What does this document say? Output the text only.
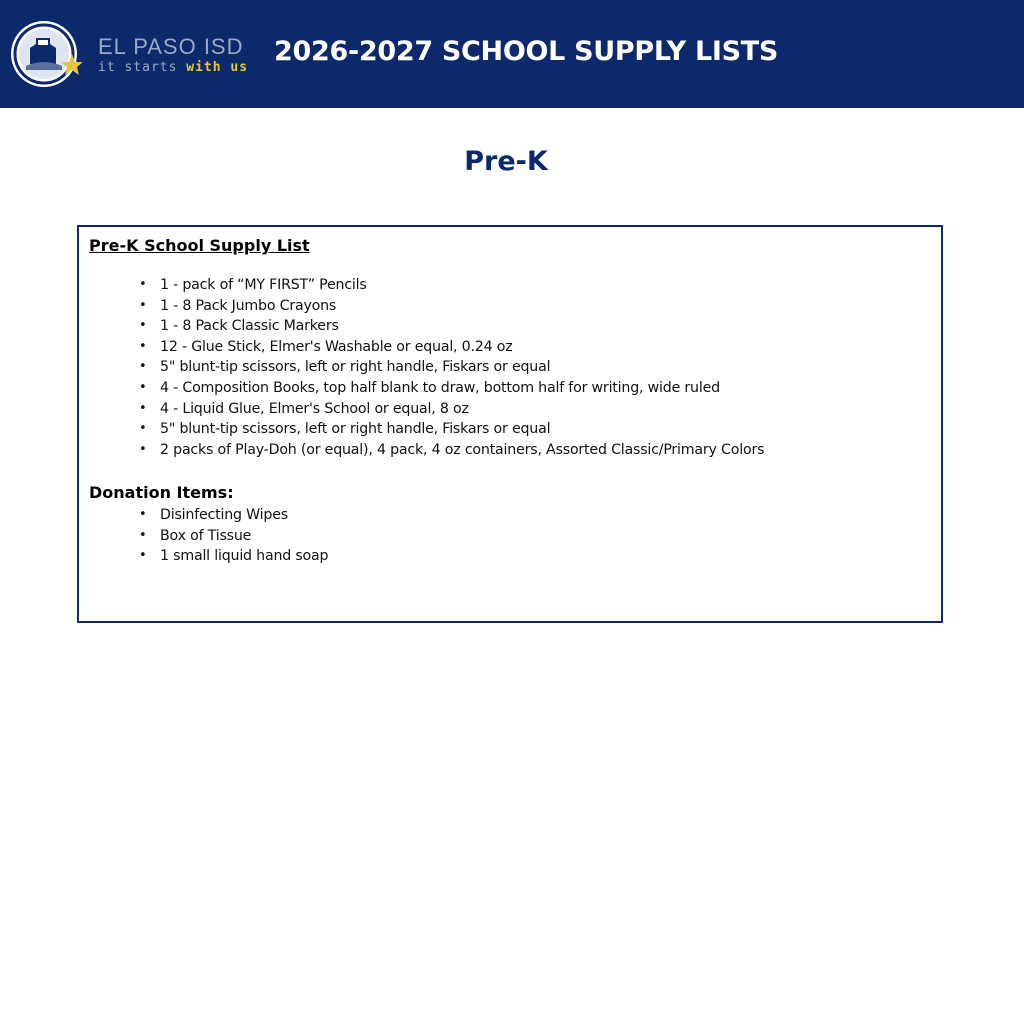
EL PASO ISD
it starts with us
2026-2027 SCHOOL SUPPLY LISTS
Pre-K
Pre-K School Supply List
• 1 - pack of “MY FIRST” Pencils
• 1 - 8 Pack Jumbo Crayons
• 1 - 8 Pack Classic Markers
• 12 - Glue Stick, Elmer's Washable or equal, 0.24 oz
• 5" blunt-tip scissors, left or right handle, Fiskars or equal
• 4 - Composition Books, top half blank to draw, bottom half for writing, wide ruled
• 4 - Liquid Glue, Elmer's School or equal, 8 oz
• 5" blunt-tip scissors, left or right handle, Fiskars or equal
• 2 packs of Play-Doh (or equal), 4 pack, 4 oz containers, Assorted Classic/Primary Colors
Donation Items:
• Disinfecting Wipes
• Box of Tissue
• 1 small liquid hand soap
